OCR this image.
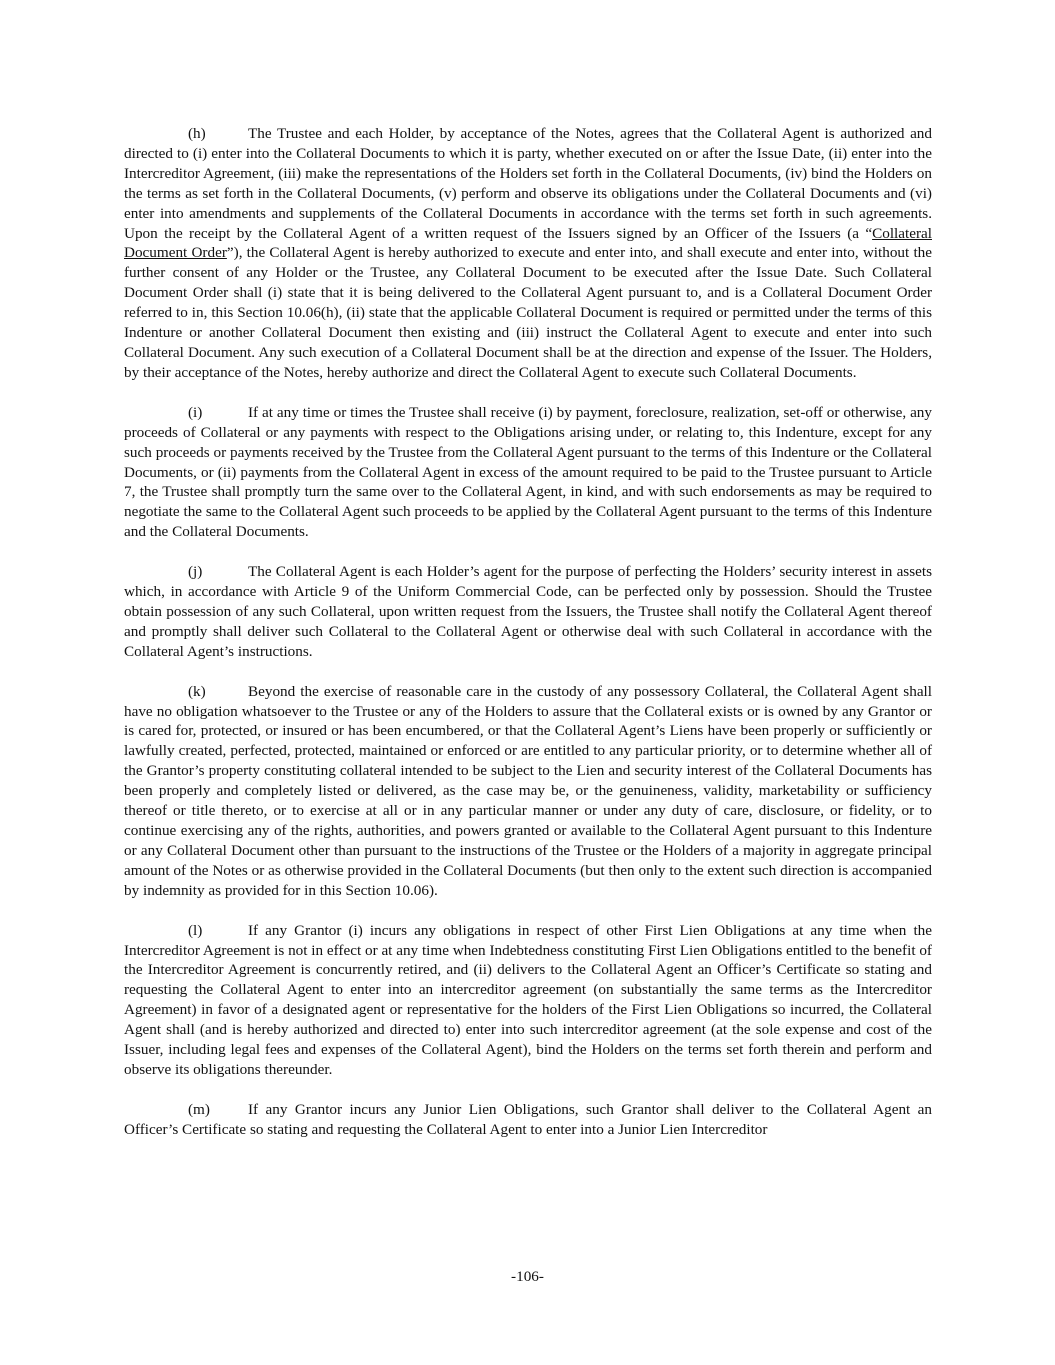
(h)	The Trustee and each Holder, by acceptance of the Notes, agrees that the Collateral Agent is authorized and directed to (i) enter into the Collateral Documents to which it is party, whether executed on or after the Issue Date, (ii) enter into the Intercreditor Agreement, (iii) make the representations of the Holders set forth in the Collateral Documents, (iv) bind the Holders on the terms as set forth in the Collateral Documents, (v) perform and observe its obligations under the Collateral Documents and (vi) enter into amendments and supplements of the Collateral Documents in accordance with the terms set forth in such agreements. Upon the receipt by the Collateral Agent of a written request of the Issuers signed by an Officer of the Issuers (a “Collateral Document Order”), the Collateral Agent is hereby authorized to execute and enter into, and shall execute and enter into, without the further consent of any Holder or the Trustee, any Collateral Document to be executed after the Issue Date. Such Collateral Document Order shall (i) state that it is being delivered to the Collateral Agent pursuant to, and is a Collateral Document Order referred to in, this Section 10.06(h), (ii) state that the applicable Collateral Document is required or permitted under the terms of this Indenture or another Collateral Document then existing and (iii) instruct the Collateral Agent to execute and enter into such Collateral Document. Any such execution of a Collateral Document shall be at the direction and expense of the Issuer. The Holders, by their acceptance of the Notes, hereby authorize and direct the Collateral Agent to execute such Collateral Documents.

(i)	If at any time or times the Trustee shall receive (i) by payment, foreclosure, realization, set-off or otherwise, any proceeds of Collateral or any payments with respect to the Obligations arising under, or relating to, this Indenture, except for any such proceeds or payments received by the Trustee from the Collateral Agent pursuant to the terms of this Indenture or the Collateral Documents, or (ii) payments from the Collateral Agent in excess of the amount required to be paid to the Trustee pursuant to Article 7, the Trustee shall promptly turn the same over to the Collateral Agent, in kind, and with such endorsements as may be required to negotiate the same to the Collateral Agent such proceeds to be applied by the Collateral Agent pursuant to the terms of this Indenture and the Collateral Documents.

(j)	The Collateral Agent is each Holder’s agent for the purpose of perfecting the Holders’ security interest in assets which, in accordance with Article 9 of the Uniform Commercial Code, can be perfected only by possession. Should the Trustee obtain possession of any such Collateral, upon written request from the Issuers, the Trustee shall notify the Collateral Agent thereof and promptly shall deliver such Collateral to the Collateral Agent or otherwise deal with such Collateral in accordance with the Collateral Agent’s instructions.

(k)	Beyond the exercise of reasonable care in the custody of any possessory Collateral, the Collateral Agent shall have no obligation whatsoever to the Trustee or any of the Holders to assure that the Collateral exists or is owned by any Grantor or is cared for, protected, or insured or has been encumbered, or that the Collateral Agent’s Liens have been properly or sufficiently or lawfully created, perfected, protected, maintained or enforced or are entitled to any particular priority, or to determine whether all of the Grantor’s property constituting collateral intended to be subject to the Lien and security interest of the Collateral Documents has been properly and completely listed or delivered, as the case may be, or the genuineness, validity, marketability or sufficiency thereof or title thereto, or to exercise at all or in any particular manner or under any duty of care, disclosure, or fidelity, or to continue exercising any of the rights, authorities, and powers granted or available to the Collateral Agent pursuant to this Indenture or any Collateral Document other than pursuant to the instructions of the Trustee or the Holders of a majority in aggregate principal amount of the Notes or as otherwise provided in the Collateral Documents (but then only to the extent such direction is accompanied by indemnity as provided for in this Section 10.06).

(l)	If any Grantor (i) incurs any obligations in respect of other First Lien Obligations at any time when the Intercreditor Agreement is not in effect or at any time when Indebtedness constituting First Lien Obligations entitled to the benefit of the Intercreditor Agreement is concurrently retired, and (ii) delivers to the Collateral Agent an Officer’s Certificate so stating and requesting the Collateral Agent to enter into an intercreditor agreement (on substantially the same terms as the Intercreditor Agreement) in favor of a designated agent or representative for the holders of the First Lien Obligations so incurred, the Collateral Agent shall (and is hereby authorized and directed to) enter into such intercreditor agreement (at the sole expense and cost of the Issuer, including legal fees and expenses of the Collateral Agent), bind the Holders on the terms set forth therein and perform and observe its obligations thereunder.

(m)	If any Grantor incurs any Junior Lien Obligations, such Grantor shall deliver to the Collateral Agent an Officer’s Certificate so stating and requesting the Collateral Agent to enter into a Junior Lien Intercreditor

-106-
